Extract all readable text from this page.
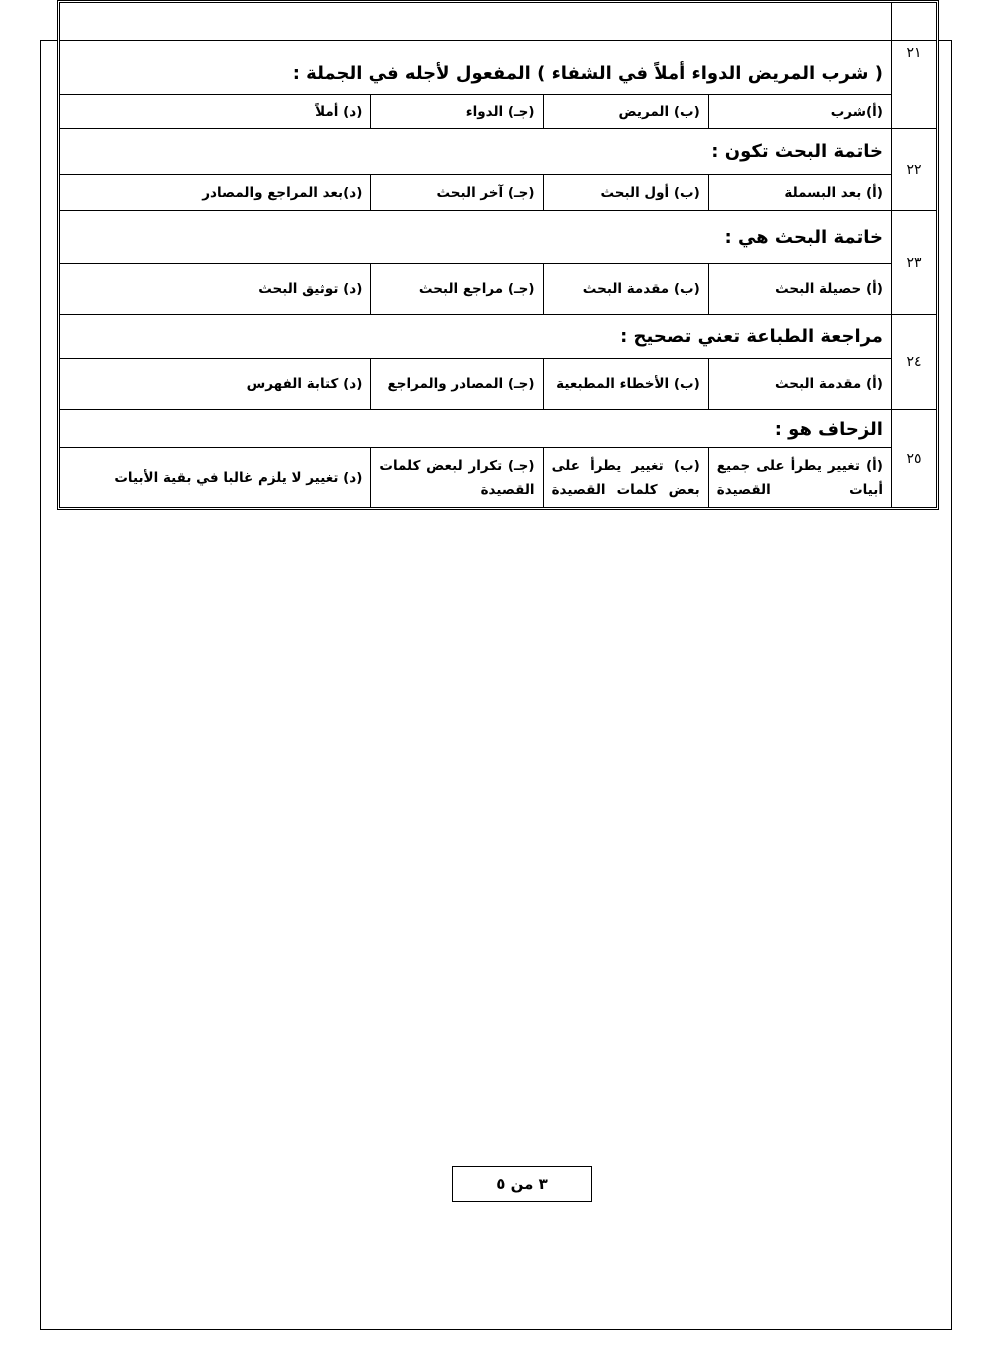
٢١	( شرب المريض الدواء أملاً في الشفاء ) المفعول لأجله في الجملة :			
	(أ)شرب	(ب) المريض	(جـ) الدواء	(د) أملاً
٢٢	خاتمة البحث تكون :			
	(أ) بعد البسملة	(ب) أول البحث	(جـ) آخر البحث	(د)بعد المراجع والمصادر
٢٣	خاتمة البحث هي :			
	(أ) حصيلة البحث	(ب) مقدمة البحث	(جـ) مراجع البحث	(د) توثيق البحث
٢٤	مراجعة الطباعة تعني تصحيح :			
	(أ) مقدمة البحث	(ب) الأخطاء المطبعية	(جـ) المصادر والمراجع	(د) كتابة الفهرس
٢٥	الزحاف هو :			

	(أ) تغيير يطرأ على جميع أبيات القصيدة	(ب) تغيير يطرأ على بعض كلمات القصيدة	(جـ) تكرار لبعض كلمات القصيدة	(د) تغيير لا يلزم غالبا في بقية الأبيات
٣ من ٥
